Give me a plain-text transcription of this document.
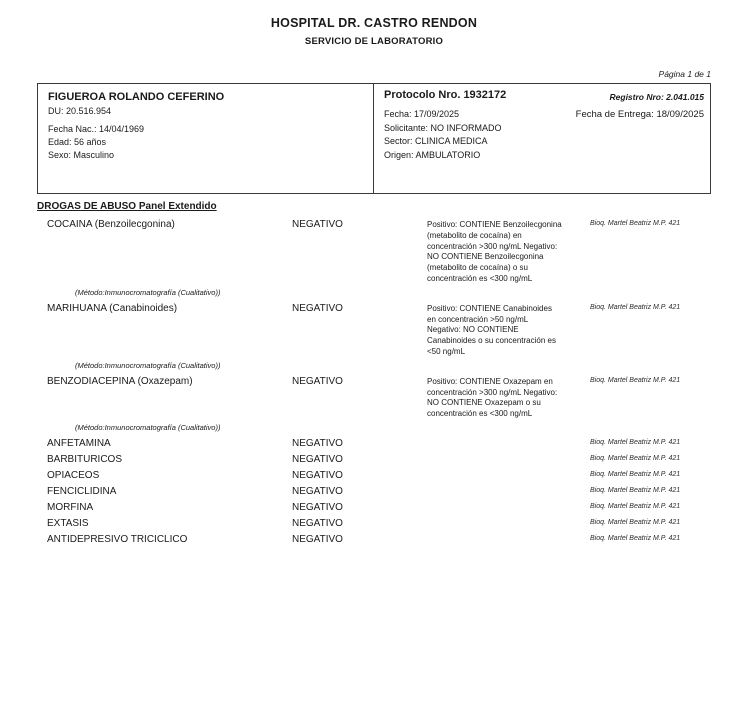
HOSPITAL DR. CASTRO RENDON
SERVICIO DE LABORATORIO
Página 1 de 1
FIGUEROA ROLANDO CEFERINO
DU: 20.516.954
Fecha Nac.: 14/04/1969
Edad: 56 años
Sexo: Masculino
Protocolo Nro. 1932172	Registro Nro: 2.041.015
Fecha: 17/09/2025	Fecha de Entrega: 18/09/2025
Solicitante: NO INFORMADO
Sector: CLINICA MEDICA
Origen: AMBULATORIO
DROGAS DE ABUSO Panel Extendido
COCAINA (Benzoilecgonina)	NEGATIVO	Positivo: CONTIENE Benzoilecgonina (metabolito de cocaína) en concentración >300 ng/mL Negativo: NO CONTIENE Benzoilecgonina (metabolito de cocaína) o su concentración es <300 ng/mL
Bioq. Martel Beatriz M.P. 421
(Método:Inmunocromatografía (Cualitativo))
MARIHUANA (Canabinoides)	NEGATIVO	Positivo: CONTIENE Canabinoides en concentración >50 ng/mL Negativo: NO CONTIENE Canabinoides o su concentración es <50 ng/mL
Bioq. Martel Beatriz M.P. 421
(Método:Inmunocromatografía (Cualitativo))
BENZODIACEPINA (Oxazepam)	NEGATIVO	Positivo: CONTIENE Oxazepam en concentración >300 ng/mL Negativo: NO CONTIENE Oxazepam o su concentración es <300 ng/mL
Bioq. Martel Beatriz M.P. 421
(Método:Inmunocromatografía (Cualitativo))
ANFETAMINA	NEGATIVO	Bioq. Martel Beatriz M.P. 421
BARBITURICOS	NEGATIVO	Bioq. Martel Beatriz M.P. 421
OPIACEOS	NEGATIVO	Bioq. Martel Beatriz M.P. 421
FENCICLIDINA	NEGATIVO	Bioq. Martel Beatriz M.P. 421
MORFINA	NEGATIVO	Bioq. Martel Beatriz M.P. 421
EXTASIS	NEGATIVO	Bioq. Martel Beatriz M.P. 421
ANTIDEPRESIVO TRICICLICO	NEGATIVO	Bioq. Martel Beatriz M.P. 421
